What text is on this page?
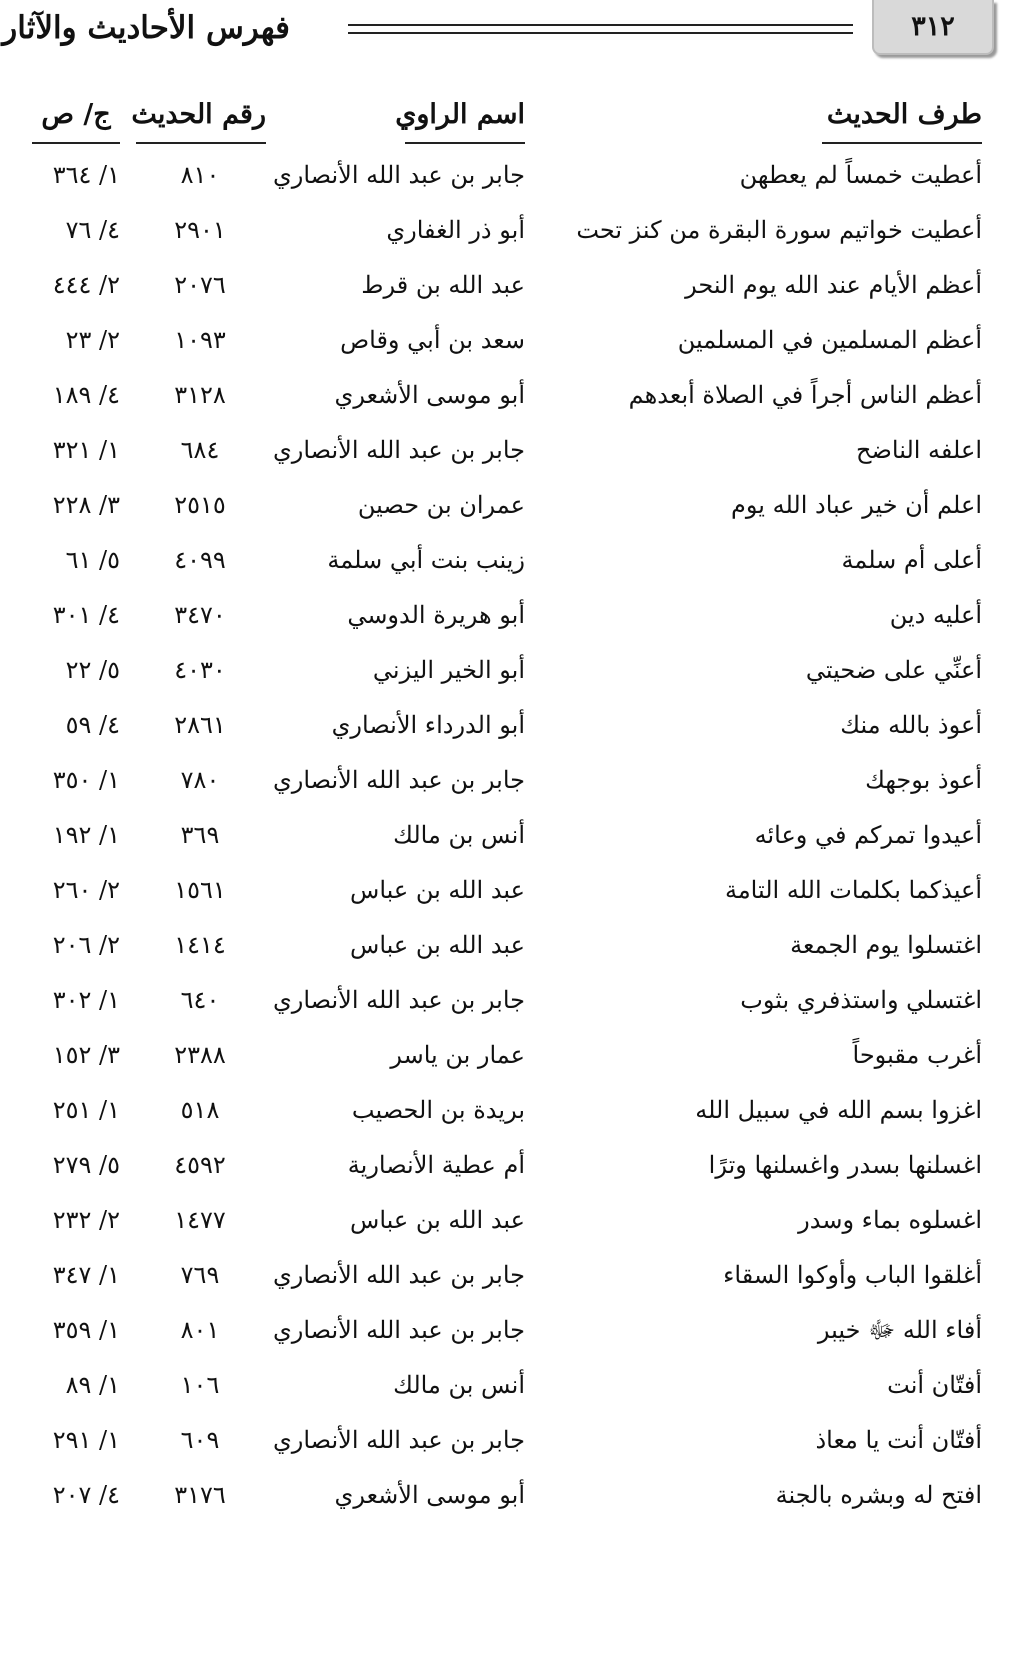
٣١٢
فهرس الأحاديث والآثار
طرف الحديث
اسم الراوي
رقم الحديث
ج/ ص
أعطيت خمساً لم يعطهن
جابر بن عبد الله الأنصاري
٨١٠
١/ ٣٦٤
أعطيت خواتيم سورة البقرة من كنز تحت
أبو ذر الغفاري
٢٩٠١
٤/ ٧٦
أعظم الأيام عند الله يوم النحر
عبد الله بن قرط
٢٠٧٦
٢/ ٤٤٤
أعظم المسلمين في المسلمين
سعد بن أبي وقاص
١٠٩٣
٢/ ٢٣
أعظم الناس أجراً في الصلاة أبعدهم
أبو موسى الأشعري
٣١٢٨
٤/ ١٨٩
اعلفه الناضح
جابر بن عبد الله الأنصاري
٦٨٤
١/ ٣٢١
اعلم أن خير عباد الله يوم
عمران بن حصين
٢٥١٥
٣/ ٢٢٨
أعلى أم سلمة
زينب بنت أبي سلمة
٤٠٩٩
٥/ ٦١
أعليه دين
أبو هريرة الدوسي
٣٤٧٠
٤/ ٣٠١
أعنِّي على ضحيتي
أبو الخير اليزني
٤٠٣٠
٥/ ٢٢
أعوذ بالله منك
أبو الدرداء الأنصاري
٢٨٦١
٤/ ٥٩
أعوذ بوجهك
جابر بن عبد الله الأنصاري
٧٨٠
١/ ٣٥٠
أعيدوا تمركم في وعائه
أنس بن مالك
٣٦٩
١/ ١٩٢
أعيذكما بكلمات الله التامة
عبد الله بن عباس
١٥٦١
٢/ ٢٦٠
اغتسلوا يوم الجمعة
عبد الله بن عباس
١٤١٤
٢/ ٢٠٦
اغتسلي واستذفري بثوب
جابر بن عبد الله الأنصاري
٦٤٠
١/ ٣٠٢
أغرب مقبوحاً
عمار بن ياسر
٢٣٨٨
٣/ ١٥٢
اغزوا بسم الله في سبيل الله
بريدة بن الحصيب
٥١٨
١/ ٢٥١
اغسلنها بسدر واغسلنها وترًا
أم عطية الأنصارية
٤٥٩٢
٥/ ٢٧٩
اغسلوه بماء وسدر
عبد الله بن عباس
١٤٧٧
٢/ ٢٣٢
أغلقوا الباب وأوكوا السقاء
جابر بن عبد الله الأنصاري
٧٦٩
١/ ٣٤٧
أفاء الله ﷻ خيبر
جابر بن عبد الله الأنصاري
٨٠١
١/ ٣٥٩
أفتّان أنت
أنس بن مالك
١٠٦
١/ ٨٩
أفتّان أنت يا معاذ
جابر بن عبد الله الأنصاري
٦٠٩
١/ ٢٩١
افتح له وبشره بالجنة
أبو موسى الأشعري
٣١٧٦
٤/ ٢٠٧
